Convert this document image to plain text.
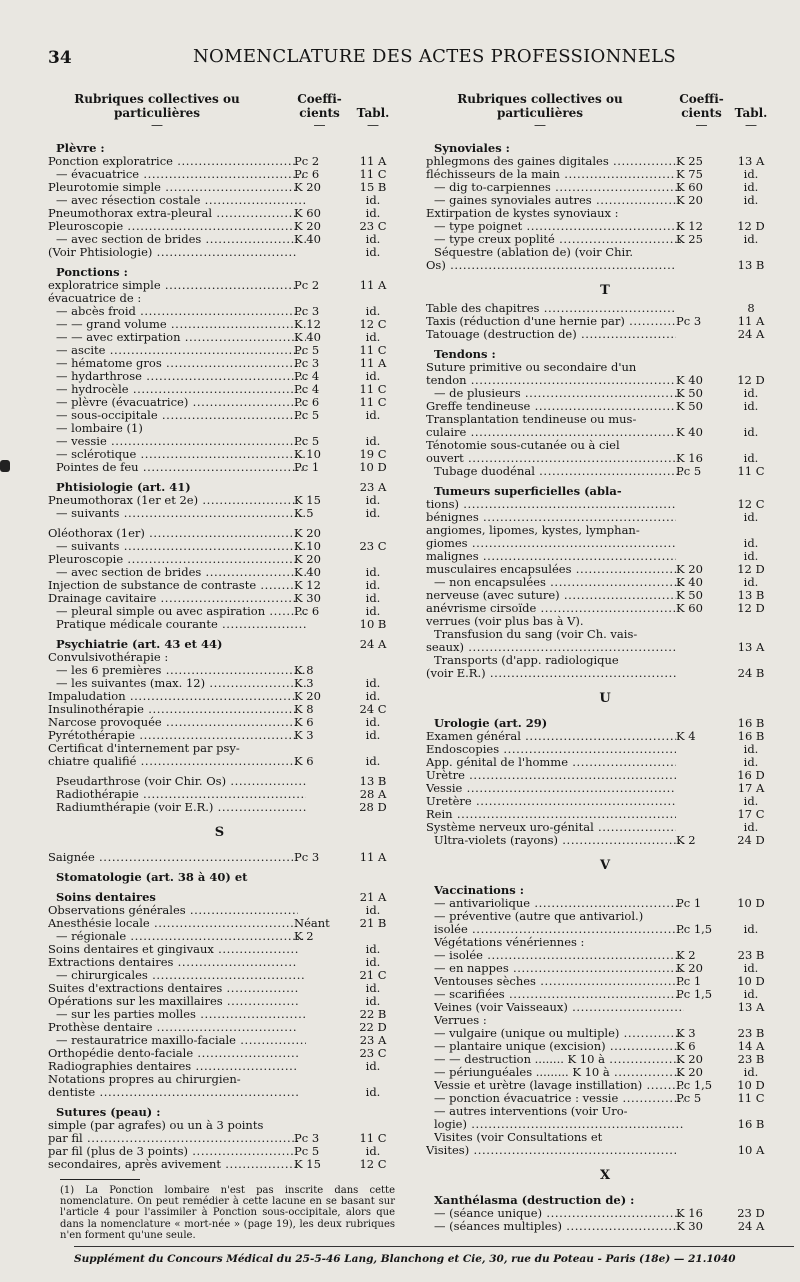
34	NOMENCLATURE DES ACTES PROFESSIONNELS
Rubriques collectives ou particulières
—
Coeffi- cients
—
Tabl.
—
Plèvre :
Ponction exploratrice .....	Pc 2	11 A
— évacuatrice .....	Pc 6	11 C
Pleurotomie simple .....	K 20	15 B
— avec résection costale .....	id.
Pneumothorax extra-pleural .....	K 60	id.
Pleuroscopie .....	K 20	23 C
— avec section de brides .....	K 40	id.
(Voir Phtisiologie) .....	id.
Ponctions :
exploratrice simple .....	Pc 2	11 A
évacuatrice de :
— abcès froid .....	Pc 3	id.
— — grand volume .....	K 12	12 C
— — avec extirpation .....	K 40	id.
— ascite .....	Pc 5	11 C
— hématome gros .....	Pc 3	11 A
— hydarthrose .....	Pc 4	id.
— hydrocèle .....	Pc 4	11 C
— plèvre (évacuatrice) .....	Pc 6	11 C
— sous-occipitale .....	Pc 5	id.
— lombaire (1)
— vessie .....	Pc 5	id.
— sclérotique .....	K 10	19 C
Pointes de feu .....	Pc 1	10 D
Phtisiologie (art. 41)	23 A
Pneumothorax (1er et 2e) .....	K 15	id.
— suivants .....	K 5	id.
Oléothorax (1er) .....	K 20
— suivants .....	K 10	23 C
Pleuroscopie .....	K 20
— avec section de brides .....	K 40	id.
Injection de substance de contraste .....	K 12	id.
Drainage cavitaire .....	K 30	id.
— pleural simple ou avec aspiration .....	Pc 6	id.
Pratique médicale courante .....	10 B
Psychiatrie (art. 43 et 44)	24 A
Convulsivothérapie :
— les 6 premières .....	K 8
— les suivantes (max. 12) .....	K 3	id.
Impaludation .....	K 20	id.
Insulinothérapie .....	K 8	24 C
Narcose provoquée .....	K 6	id.
Pyrétothérapie .....	K 3	id.
Certificat d'internement par psy-
chiatre qualifié .....	K 6	id.
Pseudarthrose (voir Chir. Os) .....	13 B
Radiothérapie .....	28 A
Radiumthérapie (voir E.R.) .....	28 D
S
Saignée .....	Pc 3	11 A
Stomatologie (art. 38 à 40) et
Soins dentaires	21 A
Observations générales .....	id.
Anesthésie locale .....	Néant	21 B
— régionale .....	K 2
Soins dentaires et gingivaux .....	id.
Extractions dentaires .....	id.
— chirurgicales .....	21 C
Suites d'extractions dentaires .....	id.
Opérations sur les maxillaires .....	id.
— sur les parties molles .....	22 B
Prothèse dentaire .....	22 D
— restauratrice maxillo-faciale .....	23 A
Orthopédie dento-faciale .....	23 C
Radiographies dentaires .....	id.
Notations propres au chirurgien-
dentiste .....	id.
Sutures (peau) :
simple (par agrafes) ou un à 3 points
par fil .....	Pc 3	11 C
par fil (plus de 3 points) .....	Pc 5	id.
secondaires, après avivement .....	K 15	12 C
Rubriques collectives ou particulières
—
Coeffi- cients
—
Tabl.
—
Synoviales :
phlegmons des gaines digitales .....	K 25	13 A
fléchisseurs de la main .....	K 75	id.
— dig to-carpiennes .....	K 60	id.
— gaines synoviales autres .....	K 20	id.
Extirpation de kystes synoviaux :
— type poignet .....	K 12	12 D
— type creux poplité .....	K 25	id.
Séquestre (ablation de) (voir Chir.
Os) .....	13 B
T
Table des chapitres .....	8
Taxis (réduction d'une hernie par) .....	Pc 3	11 A
Tatouage (destruction de) .....	24 A
Tendons :
Suture primitive ou secondaire d'un
tendon .....	K 40	12 D
— de plusieurs .....	K 50	id.
Greffe tendineuse .....	K 50	id.
Transplantation tendineuse ou mus-
culaire .....	K 40	id.
Ténotomie sous-cutanée ou à ciel
ouvert .....	K 16	id.
Tubage duodénal .....	Pc 5	11 C
Tumeurs superficielles (abla-
tions) .....	12 C
bénignes .....	id.
angiomes, lipomes, kystes, lymphan-
giomes .....	id.
malignes .....	id.
musculaires encapsulées .....	K 20	12 D
— non encapsulées .....	K 40	id.
nerveuse (avec suture) .....	K 50	13 B
anévrisme cirsoïde .....	K 60	12 D
verrues (voir plus bas à V).
Transfusion du sang (voir Ch. vais-
seaux) .....	13 A
Transports (d'app. radiologique
(voir E.R.) .....	24 B
U
Urologie (art. 29)	16 B
Examen général .....	K 4	16 B
Endoscopies .....	id.
App. génital de l'homme .....	id.
Urètre .....	16 D
Vessie .....	17 A
Uretère .....	id.
Rein .....	17 C
Système nerveux uro-génital .....	id.
Ultra-violets (rayons) .....	K 2	24 D
V
Vaccinations :
— antivariolique .....	Pc 1	10 D
— préventive (autre que antivariol.)
isolée .....	Pc 1,5	id.
Végétations vénériennes :
— isolée .....	K 2	23 B
— en nappes .....	K 20	id.
Ventouses sèches .....	Pc 1	10 D
— scarifiées .....	Pc 1,5	id.
Veines (voir Vaisseaux) .....	13 A
Verrues :
— vulgaire (unique ou multiple) .....	K 3	23 B
— plantaire unique (excision) .....	K 6	14 A
— — destruction ........ K 10 à .....	K 20	23 B
— périunguéales ......... K 10 à .....	K 20	id.
Vessie et urètre (lavage instillation) .....	Pc 1,5	10 D
— ponction évacuatrice : vessie .....	Pc 5	11 C
— autres interventions (voir Uro-
logie) .....	16 B
Visites (voir Consultations et
Visites) .....	10 A
X
Xanthélasma (destruction de) :
— (séance unique) .....	K 16	23 D
— (séances multiples) .....	K 30	24 A
(1) La Ponction lombaire n'est pas inscrite dans cette nomenclature. On peut remédier à cette lacune en se basant sur l'article 4 pour l'assimiler à Ponction sous-occipitale, alors que dans la nomenclature « mort-née » (page 19), les deux rubriques n'en forment qu'une seule.
Supplément du Concours Médical du 25-5-46 Lang, Blanchong et Cie, 30, rue du Poteau - Paris (18e) — 21.1040
